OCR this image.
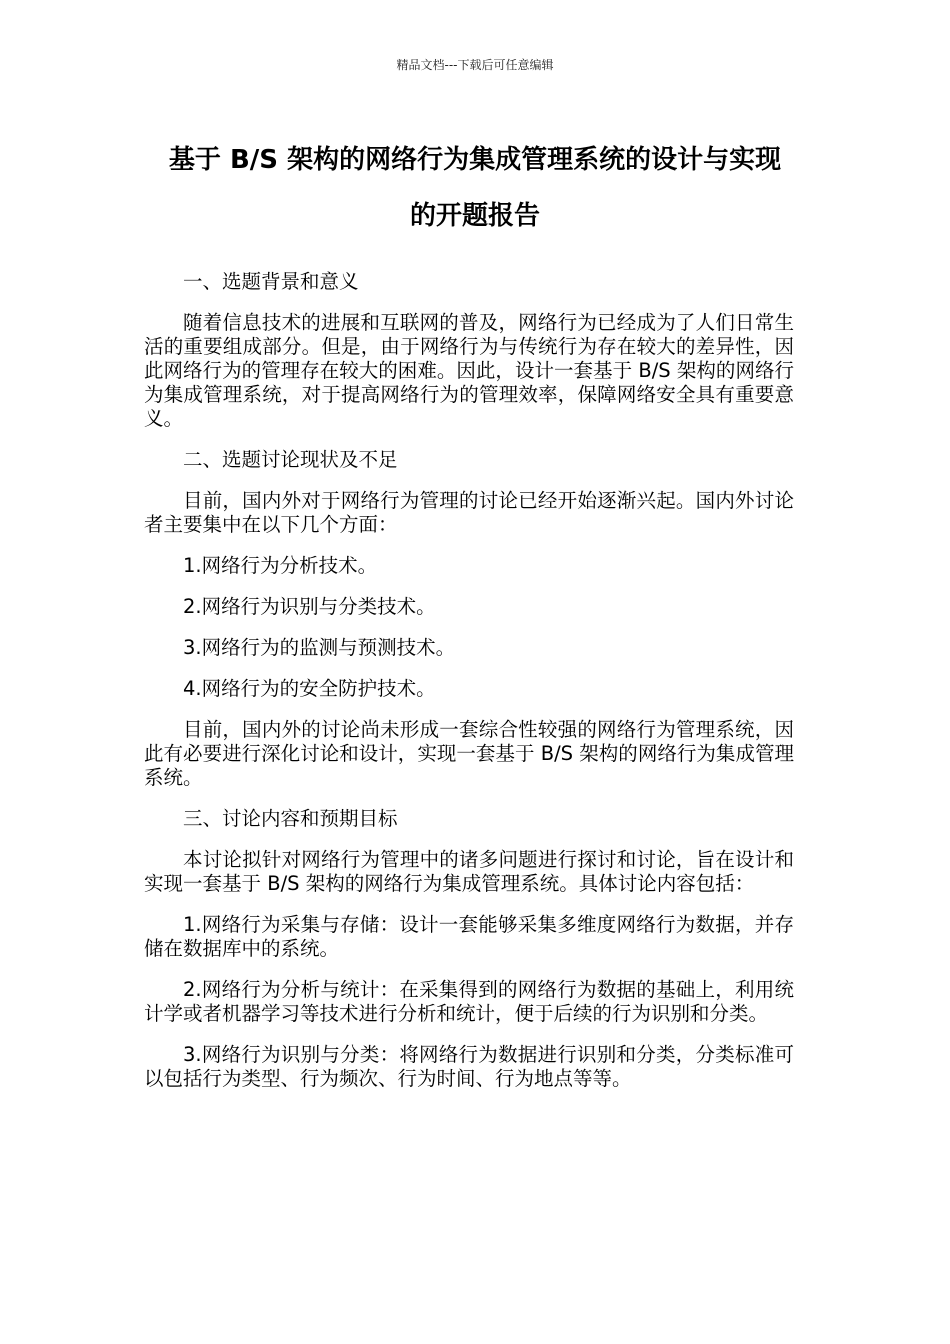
精品文档---下载后可任意编辑
基于 B/S 架构的网络行为集成管理系统的设计与实现
的开题报告

一、选题背景和意义

随着信息技术的进展和互联网的普及，网络行为已经成为了人们日常生活的重要组成部分。但是，由于网络行为与传统行为存在较大的差异性，因此网络行为的管理存在较大的困难。因此，设计一套基于 B/S 架构的网络行为集成管理系统，对于提高网络行为的管理效率，保障网络安全具有重要意义。

二、选题讨论现状及不足

目前，国内外对于网络行为管理的讨论已经开始逐渐兴起。国内外讨论者主要集中在以下几个方面：

1.网络行为分析技术。

2.网络行为识别与分类技术。

3.网络行为的监测与预测技术。

4.网络行为的安全防护技术。

目前，国内外的讨论尚未形成一套综合性较强的网络行为管理系统，因此有必要进行深化讨论和设计，实现一套基于 B/S 架构的网络行为集成管理系统。

三、讨论内容和预期目标

本讨论拟针对网络行为管理中的诸多问题进行探讨和讨论，旨在设计和实现一套基于 B/S 架构的网络行为集成管理系统。具体讨论内容包括：

1.网络行为采集与存储：设计一套能够采集多维度网络行为数据，并存储在数据库中的系统。

2.网络行为分析与统计：在采集得到的网络行为数据的基础上，利用统计学或者机器学习等技术进行分析和统计，便于后续的行为识别和分类。

3.网络行为识别与分类：将网络行为数据进行识别和分类，分类标准可以包括行为类型、行为频次、行为时间、行为地点等等。
